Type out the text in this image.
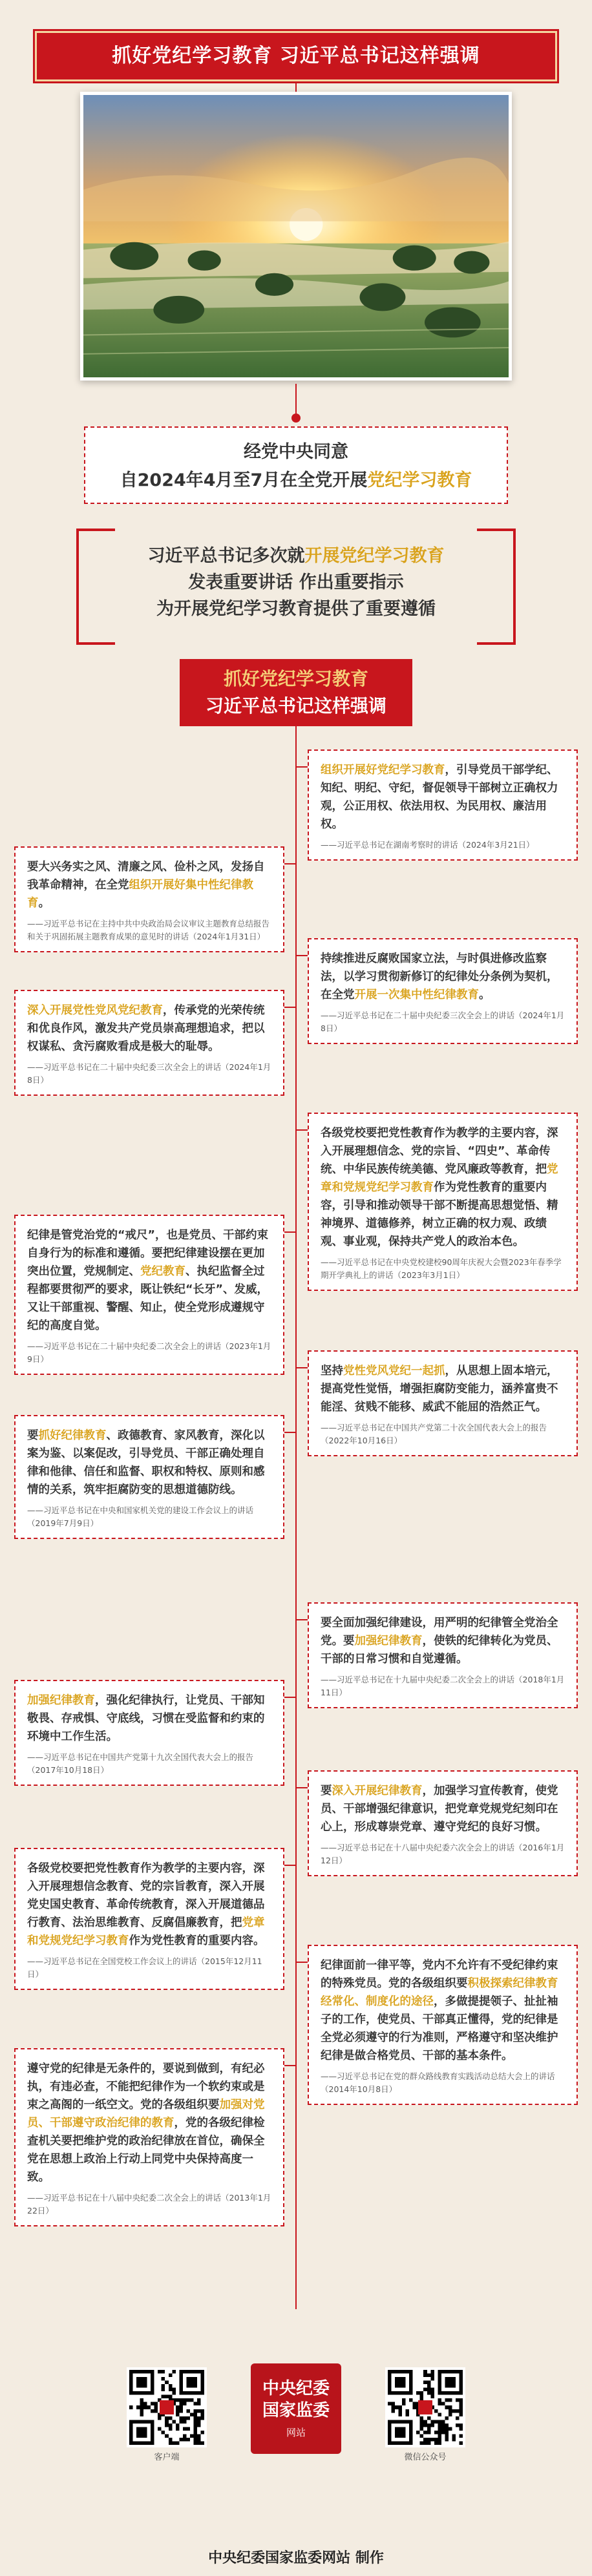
抓好党纪学习教育 习近平总书记这样强调
经党中央同意
自2024年4月至7月在全党开展党纪学习教育
习近平总书记多次就开展党纪学习教育
发表重要讲话 作出重要指示
为开展党纪学习教育提供了重要遵循
抓好党纪学习教育
习近平总书记这样强调
组织开展好党纪学习教育，引导党员干部学纪、知纪、明纪、守纪，督促领导干部树立正确权力观，公正用权、依法用权、为民用权、廉洁用权。
—— 习近平总书记在湖南考察时的讲话（2024年3月21日）
要大兴务实之风、清廉之风、俭朴之风，发扬自我革命精神，在全党组织开展好集中性纪律教育。
—— 习近平总书记在主持中共中央政治局会议审议主题教育总结报告和关于巩固拓展主题教育成果的意见时的讲话（2024年1月31日）
持续推进反腐败国家立法，与时俱进修改监察法，以学习贯彻新修订的纪律处分条例为契机，在全党开展一次集中性纪律教育。
—— 习近平总书记在二十届中央纪委三次全会上的讲话（2024年1月8日）
深入开展党性党风党纪教育，传承党的光荣传统和优良作风，激发共产党员崇高理想追求，把以权谋私、贪污腐败看成是极大的耻辱。
—— 习近平总书记在二十届中央纪委三次全会上的讲话（2024年1月8日）
各级党校要把党性教育作为教学的主要内容，深入开展理想信念、党的宗旨、“四史”、革命传统、中华民族传统美德、党风廉政等教育，把党章和党规党纪学习教育作为党性教育的重要内容，引导和推动领导干部不断提高思想觉悟、精神境界、道德修养，树立正确的权力观、政绩观、事业观，保持共产党人的政治本色。
—— 习近平总书记在中央党校建校90周年庆祝大会暨2023年春季学期开学典礼上的讲话（2023年3月1日）
纪律是管党治党的“戒尺”，也是党员、干部约束自身行为的标准和遵循。要把纪律建设摆在更加突出位置，党规制定、党纪教育、执纪监督全过程都要贯彻严的要求，既让铁纪“长牙”、发威，又让干部重视、警醒、知止，使全党形成遵规守纪的高度自觉。
—— 习近平总书记在二十届中央纪委二次全会上的讲话（2023年1月9日）
坚持党性党风党纪一起抓，从思想上固本培元，提高党性觉悟，增强拒腐防变能力，涵养富贵不能淫、贫贱不能移、威武不能屈的浩然正气。
—— 习近平总书记在中国共产党第二十次全国代表大会上的报告（2022年10月16日）
要抓好纪律教育、政德教育、家风教育，深化以案为鉴、以案促改，引导党员、干部正确处理自律和他律、信任和监督、职权和特权、原则和感情的关系，筑牢拒腐防变的思想道德防线。
—— 习近平总书记在中央和国家机关党的建设工作会议上的讲话（2019年7月9日）
要全面加强纪律建设，用严明的纪律管全党治全党。要加强纪律教育，使铁的纪律转化为党员、干部的日常习惯和自觉遵循。
—— 习近平总书记在十九届中央纪委二次全会上的讲话（2018年1月11日）
加强纪律教育，强化纪律执行，让党员、干部知敬畏、存戒惧、守底线，习惯在受监督和约束的环境中工作生活。
—— 习近平总书记在中国共产党第十九次全国代表大会上的报告（2017年10月18日）
要深入开展纪律教育，加强学习宣传教育，使党员、干部增强纪律意识，把党章党规党纪刻印在心上，形成尊崇党章、遵守党纪的良好习惯。
—— 习近平总书记在十八届中央纪委六次全会上的讲话（2016年1月12日）
各级党校要把党性教育作为教学的主要内容，深入开展理想信念教育、党的宗旨教育，深入开展党史国史教育、革命传统教育，深入开展道德品行教育、法治思维教育、反腐倡廉教育，把党章和党规党纪学习教育作为党性教育的重要内容。
—— 习近平总书记在全国党校工作会议上的讲话（2015年12月11日）
纪律面前一律平等，党内不允许有不受纪律约束的特殊党员。党的各级组织要积极探索纪律教育经常化、制度化的途径，多做提提领子、扯扯袖子的工作，使党员、干部真正懂得，党的纪律是全党必须遵守的行为准则，严格遵守和坚决维护纪律是做合格党员、干部的基本条件。
—— 习近平总书记在党的群众路线教育实践活动总结大会上的讲话（2014年10月8日）
遵守党的纪律是无条件的，要说到做到，有纪必执，有违必查，不能把纪律作为一个软约束或是束之高阁的一纸空文。党的各级组织要加强对党员、干部遵守政治纪律的教育，党的各级纪律检查机关要把维护党的政治纪律放在首位，确保全党在思想上政治上行动上同党中央保持高度一致。
—— 习近平总书记在十八届中央纪委二次全会上的讲话（2013年1月22日）
客户端
中央纪委
国家监委
网站
微信公众号
中央纪委国家监委网站 制作
